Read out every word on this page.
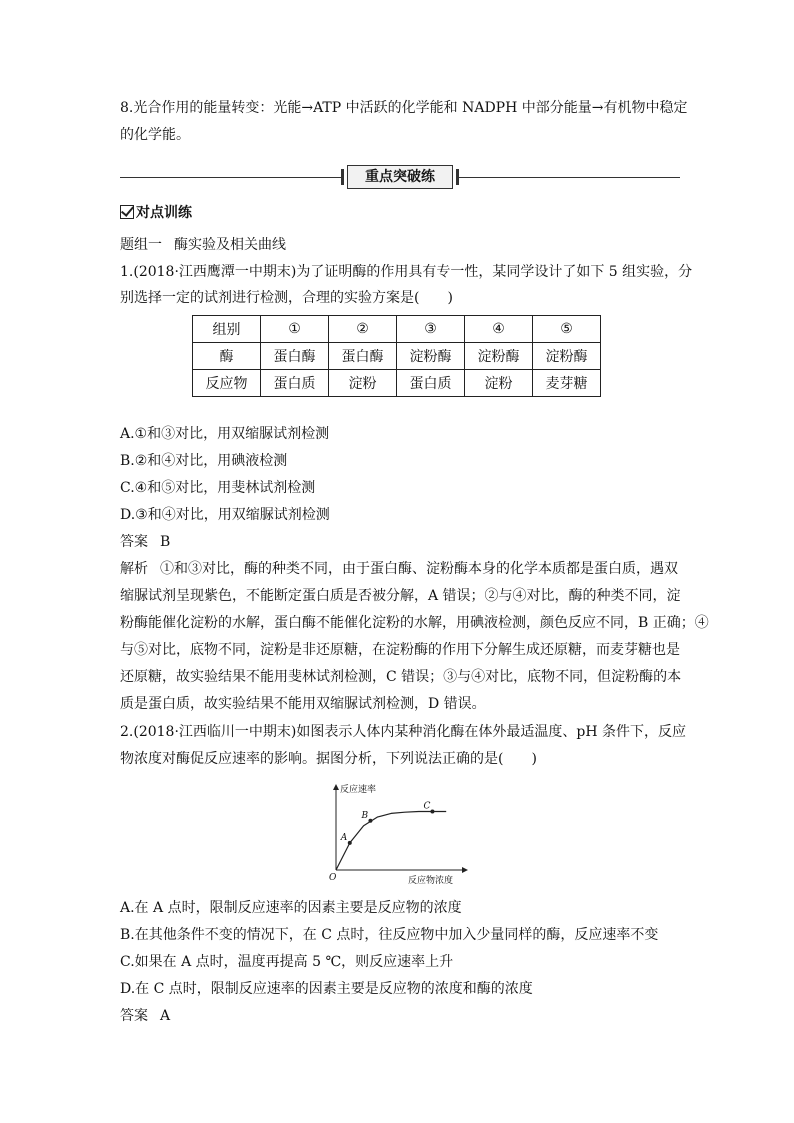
8.光合作用的能量转变：光能→ATP 中活跃的化学能和 NADPH 中部分能量→有机物中稳定
的化学能。
重点突破练
对点训练
题组一 酶实验及相关曲线
1.(2018·江西鹰潭一中期末)为了证明酶的作用具有专一性，某同学设计了如下 5 组实验，分
别选择一定的试剂进行检测，合理的实验方案是(　　)
组别	①	②	③	④	⑤
酶	蛋白酶	蛋白酶	淀粉酶	淀粉酶	淀粉酶
反应物	蛋白质	淀粉	蛋白质	淀粉	麦芽糖
A.①和③对比，用双缩脲试剂检测
B.②和④对比，用碘液检测
C.④和⑤对比，用斐林试剂检测
D.③和④对比，用双缩脲试剂检测
答案 B
解析 ①和③对比，酶的种类不同，由于蛋白酶、淀粉酶本身的化学本质都是蛋白质，遇双
缩脲试剂呈现紫色，不能断定蛋白质是否被分解，A 错误；②与④对比，酶的种类不同，淀
粉酶能催化淀粉的水解，蛋白酶不能催化淀粉的水解，用碘液检测，颜色反应不同，B 正确；④
与⑤对比，底物不同，淀粉是非还原糖，在淀粉酶的作用下分解生成还原糖，而麦芽糖也是
还原糖，故实验结果不能用斐林试剂检测，C 错误；③与④对比，底物不同，但淀粉酶的本
质是蛋白质，故实验结果不能用双缩脲试剂检测，D 错误。
2.(2018·江西临川一中期末)如图表示人体内某种消化酶在体外最适温度、pH 条件下，反应
物浓度对酶促反应速率的影响。据图分析，下列说法正确的是(　　)
反应速率
反应物浓度
O
A
B
C
A.在 A 点时，限制反应速率的因素主要是反应物的浓度
B.在其他条件不变的情况下，在 C 点时，往反应物中加入少量同样的酶，反应速率不变
C.如果在 A 点时，温度再提高 5 ℃，则反应速率上升
D.在 C 点时，限制反应速率的因素主要是反应物的浓度和酶的浓度
答案 A
